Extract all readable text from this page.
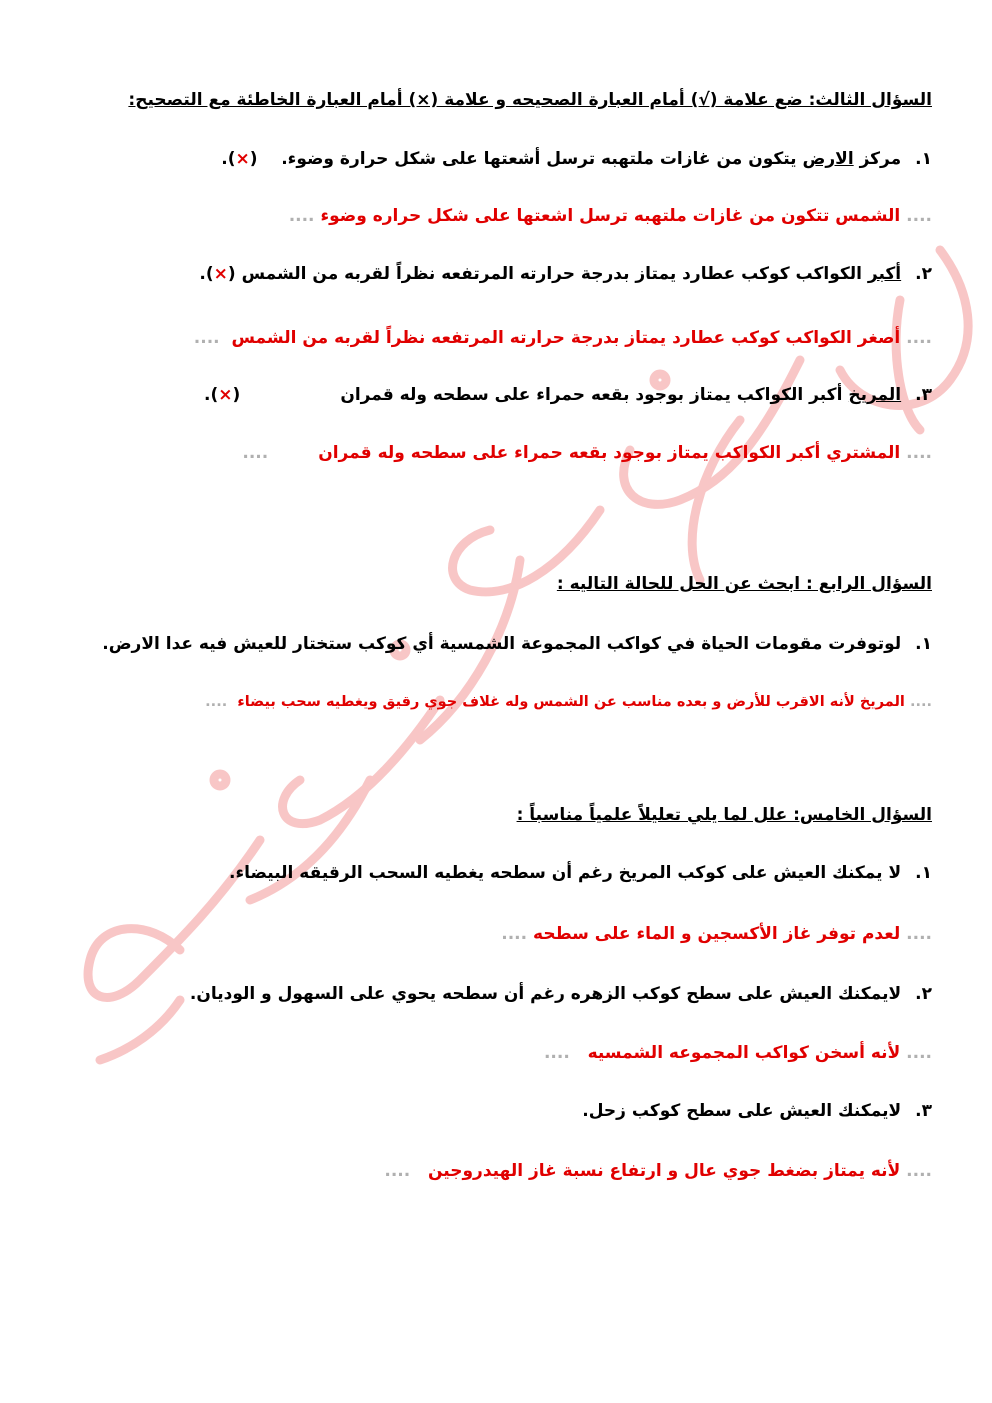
السؤال الثالث: ضع علامة (√) أمام العبارة الصحيحه و علامة (×) أمام العبارة الخاطئة مع التصحيح:
١.مركز الارض يتكون من غازات ملتهبه ترسل أشعتها على شكل حرارة وضوء.    (×).
.... الشمس تتكون من غازات ملتهبه ترسل اشعتها على شكل حراره وضوء ....
٢.أكبر الكواكب كوكب عطارد يمتاز بدرجة حرارته المرتفعه نظراً لقربه من الشمس (×).
.... أصغر الكواكب كوكب عطارد يمتاز بدرجة حرارته المرتفعه نظراً لقربه من الشمس  ....
٣.المريخ أكبر الكواكب يمتاز بوجود بقعه حمراء على سطحه وله قمران(×).
.... المشتري أكبر الكواكب يمتاز بوجود بقعه حمراء على سطحه وله قمران....
السؤال الرابع : ابحث عن الحل للحالة التاليه :
١.لوتوفرت مقومات الحياة في كواكب المجموعة الشمسية أي كوكب ستختار للعيش فيه عدا الارض.
.... المريخ لأنه الاقرب للأرض و بعده مناسب عن الشمس وله غلاف جوي رقيق ويغطيه سحب بيضاء  ....
السؤال الخامس: علل لما يلي تعليلاً علمياً مناسباً :
١.لا يمكنك العيش على كوكب المريخ رغم أن سطحه يغطيه السحب الرقيقه البيضاء.
.... لعدم توفر غاز الأكسجين و الماء على سطحه ....
٢.لايمكنك العيش على سطح كوكب الزهره رغم أن سطحه يحوي على السهول و الوديان.
.... لأنه أسخن كواكب المجموعه الشمسيه   ....
٣.لايمكنك العيش على سطح كوكب زحل.
.... لأنه يمتاز بضغط جوي عال و ارتفاع نسبة غاز الهيدروجين   ....
